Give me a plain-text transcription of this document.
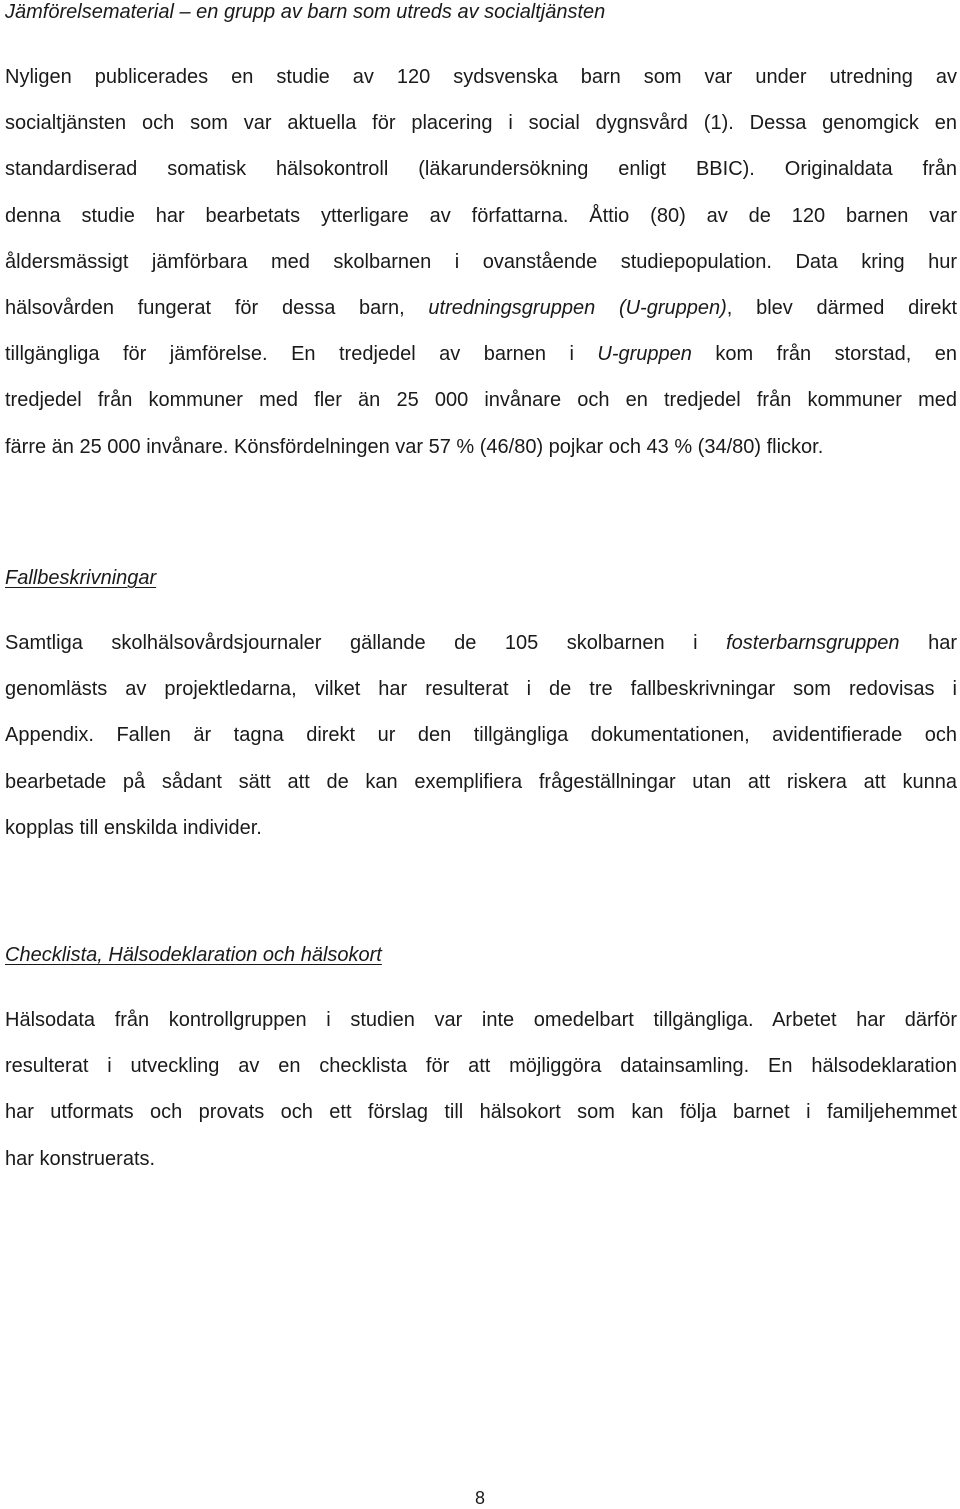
Jämförelsematerial – en grupp av barn som utreds av socialtjänsten

Nyligen publicerades en studie av 120 sydsvenska barn som var under utredning av
socialtjänsten och som var aktuella för placering i social dygnsvård (1). Dessa genomgick en
standardiserad somatisk hälsokontroll (läkarundersökning enligt BBIC). Originaldata från
denna studie har bearbetats ytterligare av författarna. Åttio (80) av de 120 barnen var
åldersmässigt jämförbara med skolbarnen i ovanstående studiepopulation. Data kring hur
hälsovården fungerat för dessa barn, utredningsgruppen (U-gruppen), blev därmed direkt
tillgängliga för jämförelse. En tredjedel av barnen i U-gruppen kom från storstad, en
tredjedel från kommuner med fler än 25 000 invånare och en tredjedel från kommuner med
färre än 25 000 invånare. Könsfördelningen var 57 % (46/80) pojkar och 43 % (34/80) flickor.

Fallbeskrivningar

Samtliga skolhälsovårdsjournaler gällande de 105 skolbarnen i fosterbarnsgruppen har
genomlästs av projektledarna, vilket har resulterat i de tre fallbeskrivningar som redovisas i
Appendix. Fallen är tagna direkt ur den tillgängliga dokumentationen, avidentifierade och
bearbetade på sådant sätt att de kan exemplifiera frågeställningar utan att riskera att kunna
kopplas till enskilda individer.

Checklista, Hälsodeklaration och hälsokort

Hälsodata från kontrollgruppen i studien var inte omedelbart tillgängliga. Arbetet har därför
resulterat i utveckling av en checklista för att möjliggöra datainsamling. En hälsodeklaration
har utformats och provats och ett förslag till hälsokort som kan följa barnet i familjehemmet
har konstruerats.
8
